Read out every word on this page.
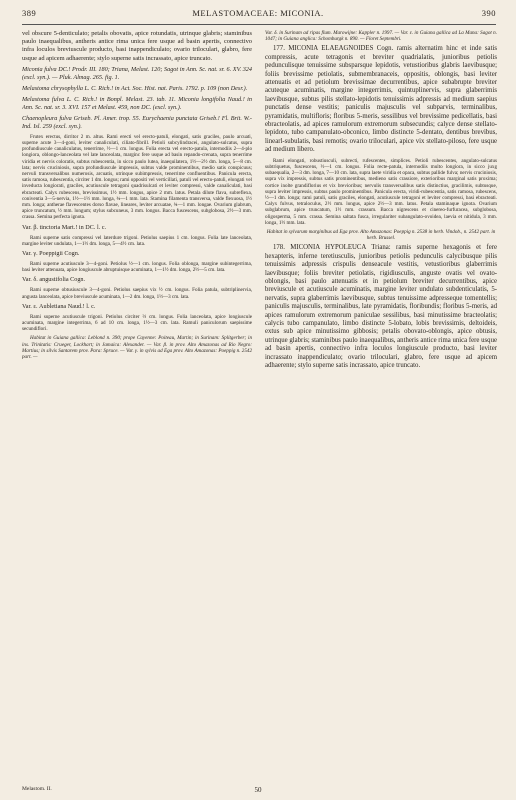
389	MELASTOMACEAE: MICONIA.	390

vel obscure 5-denticulato; petalis obovatis, apice rotundatis, utrinque glabris; staminibus paulo inaequalibus, antheris antice rima unica fere usque ad basin apertis, connectivo infra loculos breviuscule producto, basi inappendiculato; ovario triloculari, glabro, fere usque ad apicem adhaerente; stylo superne satis incrassato, apice truncato.

Miconia fulva DC.! Prodr. III. 180; Triana, Melast. 120; Sagot in Ann. Sc. nat. sr. 6. XV. 324 (excl. syn.). — Pluk. Almag. 265. fig. 1.

Melastoma chrysophylla L. C. Rich.! in Act. Soc. Hist. nat. Paris. 1792. p. 109 (non Desr.).

Melastoma fulva L. C. Rich.! in Bonpl. Melast. 23. tab. 11. Miconia longifolia Naud.! in Ann. Sc. nat. sr. 3. XVI. 157 et Melast. 459, non DC. (excl. syn.).

Chaenopleura fulva Griseb. Pl. Amer. trop. 55. Eurychaenia punctata Griseb.! Fl. Brit. W.-Ind. Isl. 259 (excl. syn.).

Frutex erectus, dirritor 2 m. altus. Rami erecti vel erecto-patuli, elongati, satis graciles, paulo arcuati, superne acute 3—4-goni, leviter canaliculati, ciliato-fibrill. Petioli subcylindracei, angulato-sulcatus, supra profundiuscule canaliculatus, tenerrime, ½—1 cm. longus. Folia erecta vel erecto-patula, internodiis 2—4-plo longiora, oblongo-lanceolata vel late lanceolata, marginc fere usque ad basin repando-crenata, supra tenerrime viridia et nervis coloratis, subtus rubescentia, in sicco paulo lutea, inaequilatera, 1½—2½ dm. longa, 5—8 cm. lata; nervis cruciniosis, supra profundiuscule impressis, subtus valde prominentibus, medio satis conspicuus; nervuli transversalibus numerosis, arcuatis, utrinque subimpressis, tenerrime confluentibus. Panicula erecta, satis ramosa, rubescentia, circiter 1 dm. longus; rami oppositi vel verticillati, patuli vel erecto-patuli, elongati vel inveducta longiorati, graciles, acutiuscule tetragoni quadrisulcati et leviter compressi, valde canaliculati, basi ebracteati. Calyx rubescens, brevissimus, 1½ mm. longus, apice 2 mm. latus. Petala dilute flava, subreflexa, coniventia 3—5-nervia, 1½—1½ mm. longa, ¾—1 mm. lata. Stamina filamenta transversa, valde flexuosa, 1½ mm. longa; antherae flavescentes dorso flavae, lineares, leviter arcuatae, ¾—1 mm. longae. Ovarium glabrum, apice truncatum, ½ mm. longum; stylus subcuneus, 3 mm. longus. Bacca fuscescens, subglobosa, 2½—3 mm. crassa. Semina perfecta ignota.

Var. β. tinctoria Mart.! in DC. l. c.

Rami superne satis compressi vel laterdure trigoni. Petiolus saepius 1 cm. longus. Folia late lanceolata, margine leviter undulata, 1—1½ dm. longa, 5—4½ cm. lata.

Var. γ. Poeppigii Cogn.

Rami superne acutiuscule 3—4-goni. Petiolus ½—1 cm. longus. Folia oblonga, margine subintegerrima, basi leviter attenuata, apice longiuscule abruptuisque acuminata, 1—1½ dm. longa, 2½—5 cm. lata.

Var. δ. angustifolia Cogn.

Rami superne obtusiuscule 3—4-goni. Petiolus saepius vix ½ cm. longus. Folia patula, subtriplinervia, angusta lanceolata, apice breviuscule acuminata, 1—2 dm. longa, 1½—3 cm. lata.

Var. ε. Aubletiana Naud.! l. c.

Rami superne acutiuscule trigoni. Petiolus circiter ⅔ cm. longus. Folia lanceolata, apice longiuscule acuminata, margine integerrima, 6 ad 10 cm. longa, 1½—3 cm. lata. Ramuli paniculorum saepissime secundiflori.

Habitat in Guiana gallica: Leblond n. 390; prope Cayenne: Poiteau, Martin; in Surinam: Splitgerber; in ins. Trinitatis: Crueger, Lockhart; in Jamaica: Alexander. — Var. β. in prov. Alto Amazonas ad Rio Negro: Martius; in silvis Santarem prov. Para: Spruce. — Var. γ. in sylvis ad Ega prov. Alto Amazonas: Poeppig n. 2542 part. —

Var. δ. in Surinam ad ripas flum. Marowijne: Kappler n. 1997. — Var. ε. in Guiana gallica ad La Mana: Sagot n. 1047; in Guiana anglica: Schomburgk n. 890. — Floret Septembri.

177. MICONIA ELAEAGNOIDES Cogn. ramis alternatim hinc et inde satis compressis, acute tetragonis et breviter quadrialatis, junioribus petiolis pedunculisque tenuissime subsparsque lepidotis, vetustioribus glabris laevibusque; foliis brevissime petiolatis, submembranaceis, oppositis, oblongis, basi leviter attenuatis et ad petiolum brevissimae decurrentibus, apice subabrupte breviter acuteque acuminatis, margine integerrimis, quintuplinervis, supra glaberrimis laevibusque, subtus pilis stellato-lepidotis tenuissimis adpressis ad medium saepius punctatis dense vestitis; paniculis majusculis vel subparvis, terminalibus, pyramidatis, multifloris; floribus 5-meris, sessilibus vel brevissime pedicellatis, basi ebracteolatis, ad apices ramulorum extremorum subsecundis; calyce dense stellato-lepidoto, tubo campanulato-obconico, limbo distincte 5-dentato, dentibus brevibus, linearl-subulatis, basi remotis; ovario triloculari, apice vix stellato-piloso, fere usque ad medium libero.

Rami elongati, robustiusculi, subrecti, rufescentes, simplices. Petioli rubescentes, angulato-sulcatus subtriquetus, fuscescens, ½—1 cm. longus. Folia recte-patula, internodiis multo longiora, in sicco juxg subaequalia, 2—3 dm. longa, 7—10 cm. lata, supra laete viridia et opaca, subtus pallide fulva; nervis cruciniosis, supra vix impressis, subtus satis prominentibus, medieno satis crassiore, exterioribus marginal satis proxima; cortice inolte grandiflorius et vix brevioribus; nervulis transversalibus satis distinctius, gracilimis, subtusque, supra leviter impressis, subtus paulo prominentibus. Panicula erecta, viridi-rubescentia, satis ramosa, rubescens, ½—1 dm. longa; rami patuli, satis graciles, elongati, acutiuscule tetragoni et leviter compressi, basi ebracteati. Calyx fulvus, tetraloculus, 2½ mm. longus, apice 2½—3 mm. latus. Petala staminaque ignota. Ovarium subglabrum, apice truncatum, 1½ mm. crassum. Bacca nigrescens et cinereo-furfuracea, subglobosa, oligosperma, 5 mm. crassa. Semina saltata fusca, irregulariter subangulato-ovoidea, laevia et nitidula, 3 mm. longa, 1½ mm. lata.

Habitat in sylvarum marginibus ad Ega prov. Alto Amazonas: Poeppig n. 2538 in herb. Vindob., n. 2542 part. in herb. Brussel.

178. MICONIA HYPOLEUCA Triana: ramis superne hexagonis et fere hexapteris, inferne teretiusculis, junioribus petiolis pedunculis calycibusque pilis tenuissimis adpressis crispulis denseacule vestitis, vetustioribus glaberrimis laevibusque; foliis breviter petiolatis, rigidiusculis, anguste ovatis vel ovato-oblongis, basi paulo attenuatis et in petiolum breviter decurrentibus, apice breviuscule et acutiuscule acuminatis, margine leviter undulato subdenticulatis, 5-nervatis, supra glaberrimis laevibusque, subtus tenuissime adpresseque tomentellis; paniculis majusculis, terminalibus, late pyramidatis, floribundis; floribus 5-meris, ad apices ramulorum extremorum paniculae sessilibus, basi minutissime bracteolatis; calycis tubo campanulato, limbo distincte 5-lobato, lobis brevissimis, deltoideis, extus sub apice minutissimo gibbosis; petalis obovato-oblongis, apice obtusis, utrinque glabris; staminibus paulo inaequalibus, antheris antice rima unica fere usque ad basin apertis, connectivo infra loculos longiuscule producto, basi leviter incrassato inappendiculato; ovario triloculari, glabro, fere usque ad apicem adhaerente; stylo superne satis incrassato, apice truncato.

Melastom. II.	50
